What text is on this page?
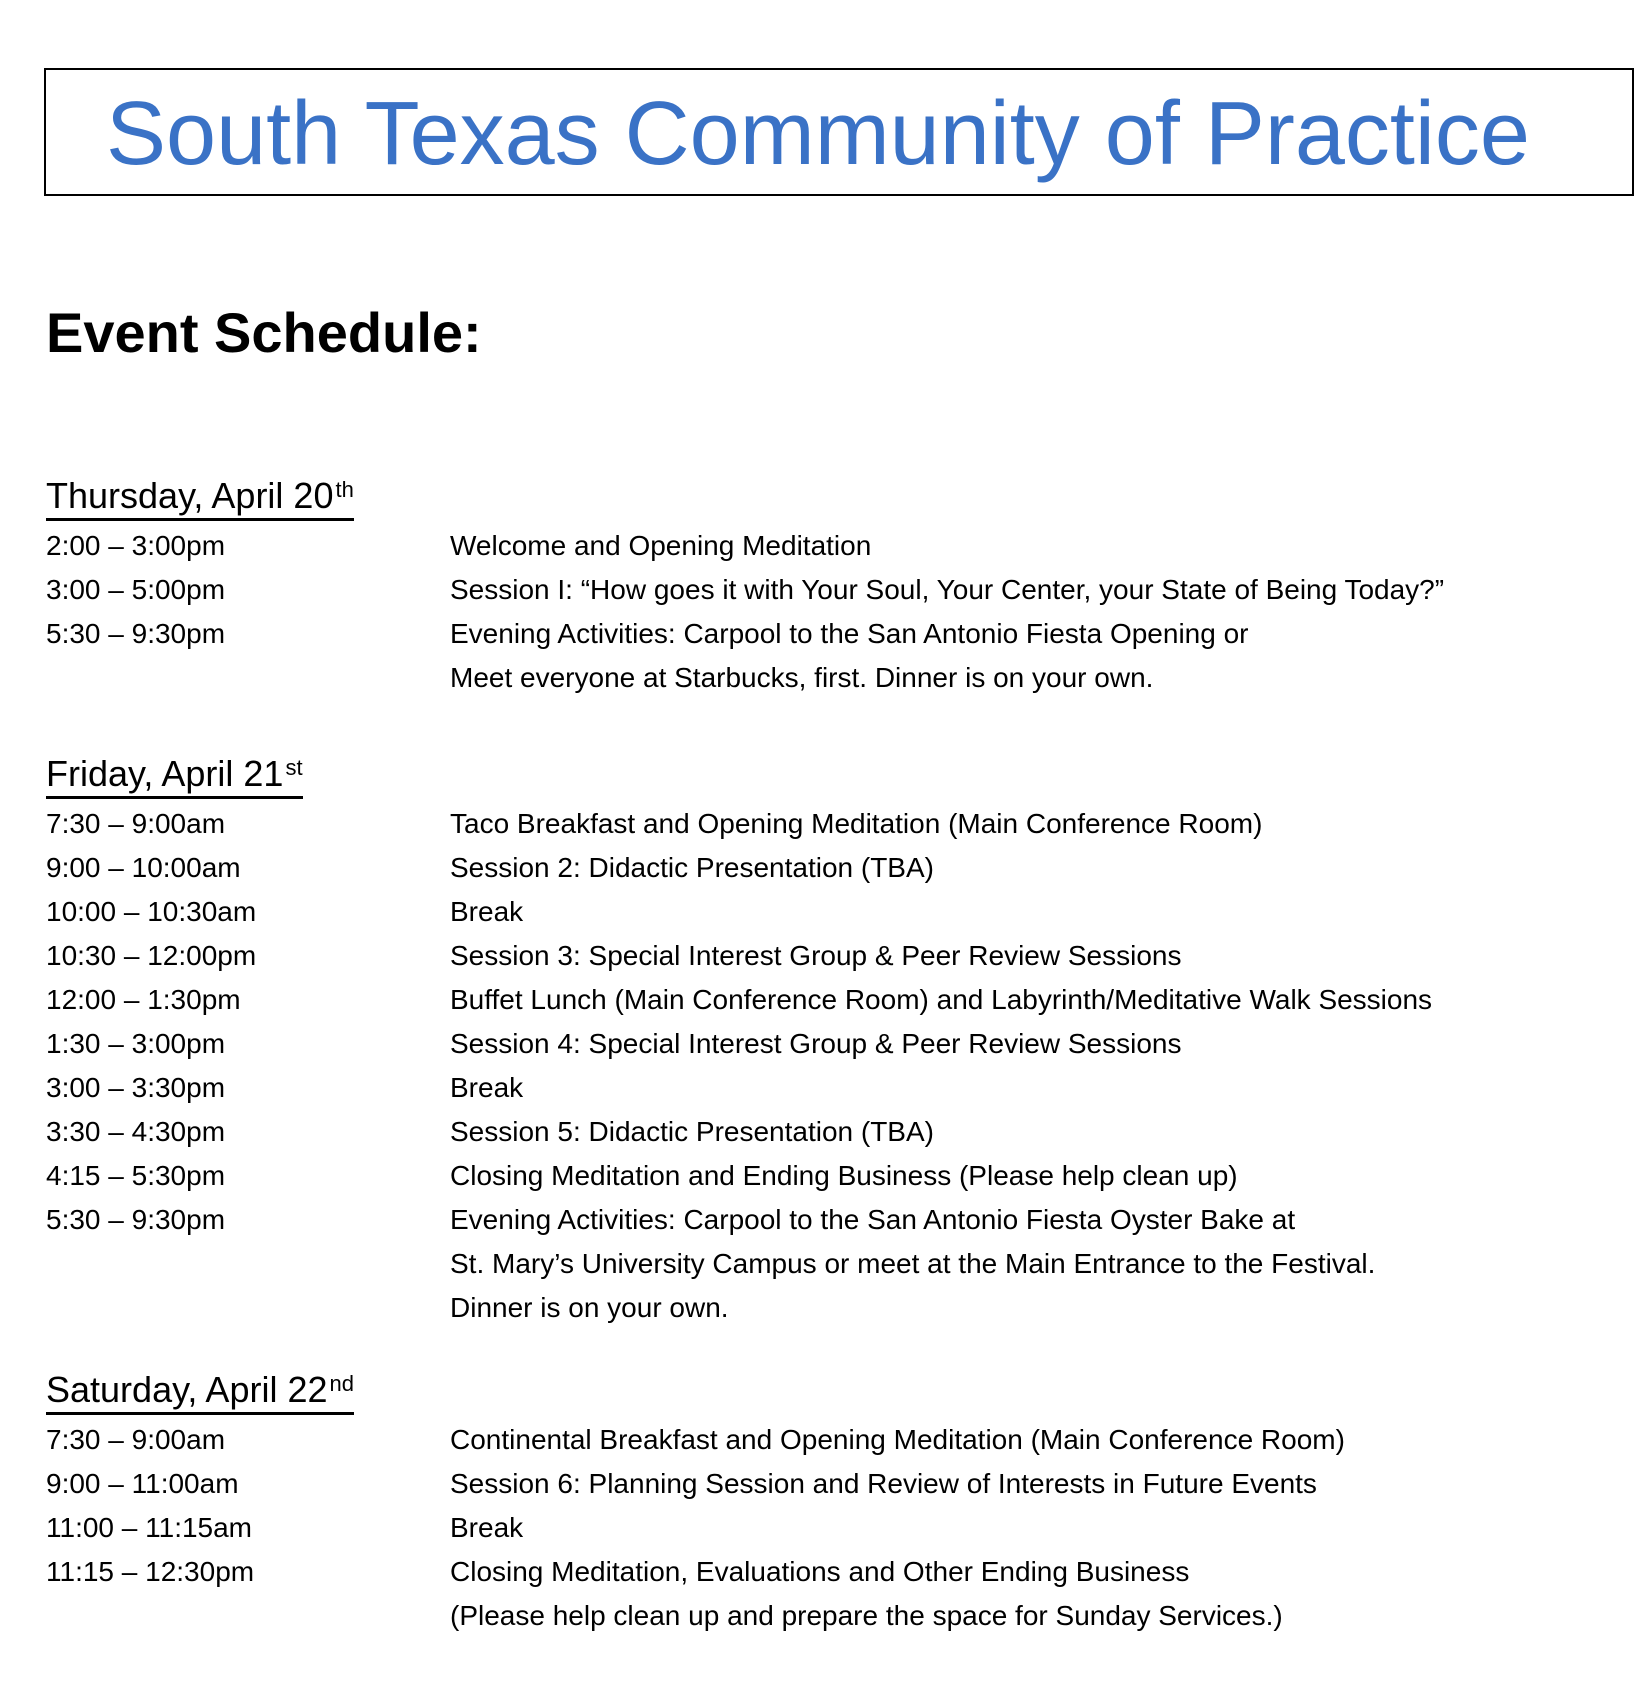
South Texas Community of Practice
Event Schedule:
Thursday, April 20th
2:00 – 3:00pm	Welcome and Opening Meditation
3:00 – 5:00pm	Session I: “How goes it with Your Soul, Your Center, your State of Being Today?”
5:30 – 9:30pm	Evening Activities: Carpool to the San Antonio Fiesta Opening or
Meet everyone at Starbucks, first. Dinner is on your own.
Friday, April 21st
7:30 – 9:00am	Taco Breakfast and Opening Meditation (Main Conference Room)
9:00 – 10:00am	Session 2: Didactic Presentation (TBA)
10:00 – 10:30am	Break
10:30 – 12:00pm	Session 3: Special Interest Group & Peer Review Sessions
12:00 – 1:30pm	Buffet Lunch (Main Conference Room) and Labyrinth/Meditative Walk Sessions
1:30 – 3:00pm	Session 4: Special Interest Group & Peer Review Sessions
3:00 – 3:30pm	Break
3:30 – 4:30pm	Session 5: Didactic Presentation (TBA)
4:15 – 5:30pm	Closing Meditation and Ending Business (Please help clean up)
5:30 – 9:30pm	Evening Activities: Carpool to the San Antonio Fiesta Oyster Bake at
St. Mary’s University Campus or meet at the Main Entrance to the Festival.
Dinner is on your own.
Saturday, April 22nd
7:30 – 9:00am	Continental Breakfast and Opening Meditation (Main Conference Room)
9:00 – 11:00am	Session 6: Planning Session and Review of Interests in Future Events
11:00 – 11:15am	Break
11:15 – 12:30pm	Closing Meditation, Evaluations and Other Ending Business
(Please help clean up and prepare the space for Sunday Services.)
